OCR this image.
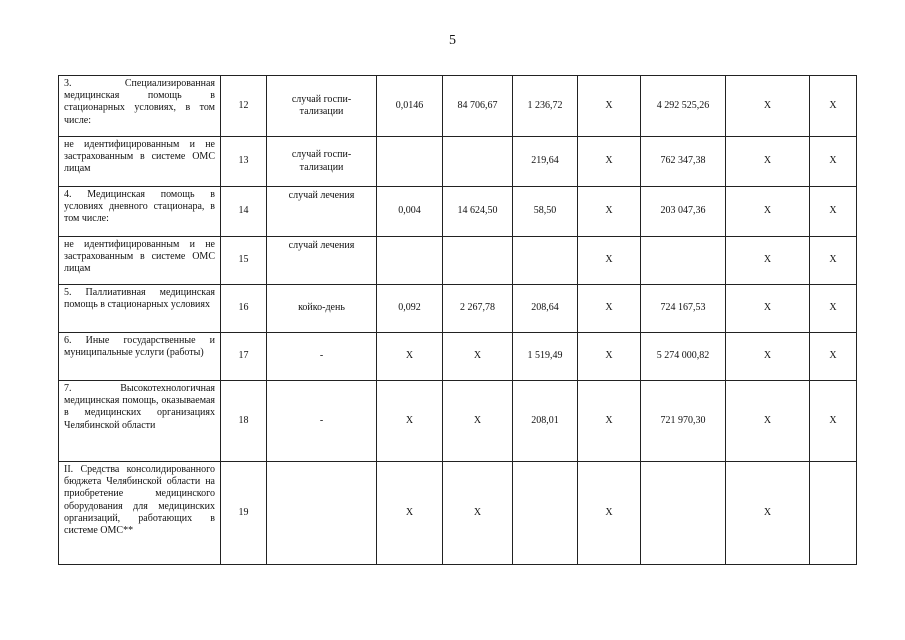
5
3. Специализированная медицинская помощь в стационарных условиях, в том числе:	12	случай госпи-тализации	0,0146	84 706,67	1 236,72	X	4 292 525,26	X	X
не идентифицированным и не застрахованным в системе ОМС лицам	13	случай госпи-тализации			219,64	X	762 347,38	X	X
4. Медицинская помощь в условиях дневного стационара, в том числе:	14	случай лечения	0,004	14 624,50	58,50	X	203 047,36	X	X
не идентифицированным и не застрахованным в системе ОМС лицам	15	случай лечения				X		X	X
5. Паллиативная медицинская помощь в стационарных условиях	16	койко-день	0,092	2 267,78	208,64	X	724 167,53	X	X
6. Иные государственные и муниципальные услуги (работы)	17	-	X	X	1 519,49	X	5 274 000,82	X	X
7. Высокотехнологичная медицинская помощь, оказываемая в медицинских организациях Челябинской области	18	-	X	X	208,01	X	721 970,30	X	X
II. Средства консолидированного бюджета Челябинской области на приобретение медицинского оборудования для медицинских организаций, работающих в системе ОМС**	19		X	X		X		X	
